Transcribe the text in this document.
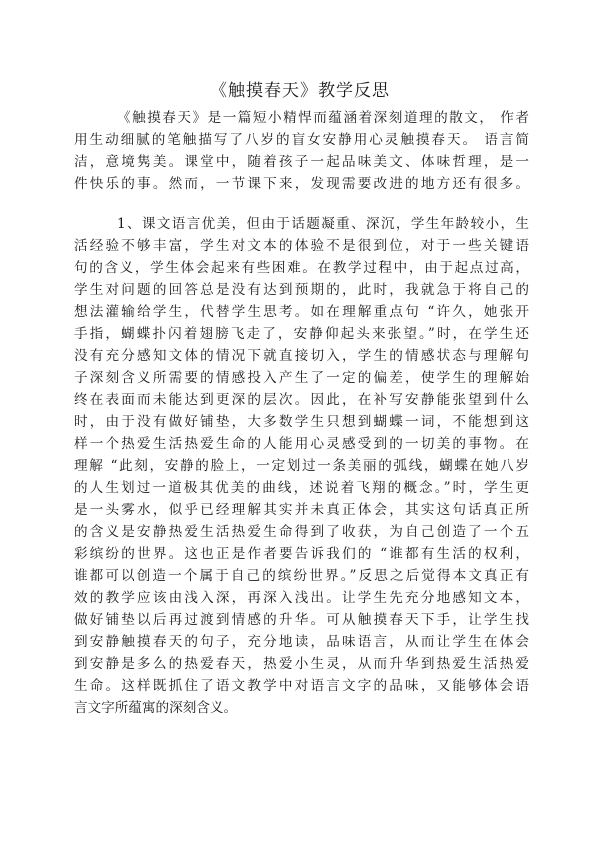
《触摸春天》教学反思

《触摸春天》是一篇短小精悍而蕴涵着深刻道理的散文， 作者

用生动细腻的笔触描写了八岁的盲女安静用心灵触摸春天。 语言简

洁，意境隽美。课堂中，随着孩子一起品味美文、体味哲理，是一

件快乐的事。然而，一节课下来，发现需要改进的地方还有很多。

1、课文语言优美，但由于话题凝重、深沉，学生年龄较小，生

活经验不够丰富，学生对文本的体验不是很到位，对于一些关键语

句的含义，学生体会起来有些困难。在教学过程中，由于起点过高，

学生对问题的回答总是没有达到预期的，此时，我就急于将自己的

想法灌输给学生，代替学生思考。如在理解重点句 “许久，她张开

手指，蝴蝶扑闪着翅膀飞走了，安静仰起头来张望。”时，在学生还

没有充分感知文体的情况下就直接切入，学生的情感状态与理解句

子深刻含义所需要的情感投入产生了一定的偏差，使学生的理解始

终在表面而未能达到更深的层次。因此，在补写安静能张望到什么

时，由于没有做好铺垫，大多数学生只想到蝴蝶一词，不能想到这

样一个热爱生活热爱生命的人能用心灵感受到的一切美的事物。在

理解 “此刻，安静的脸上，一定划过一条美丽的弧线，蝴蝶在她八岁

的人生划过一道极其优美的曲线，述说着飞翔的概念。”时，学生更

是一头雾水，似乎已经理解其实并未真正体会，其实这句话真正所

的含义是安静热爱生活热爱生命得到了收获，为自己创造了一个五

彩缤纷的世界。这也正是作者要告诉我们的 “谁都有生活的权利，

谁都可以创造一个属于自己的缤纷世界。”反思之后觉得本文真正有

效的教学应该由浅入深，再深入浅出。让学生先充分地感知文本，

做好铺垫以后再过渡到情感的升华。可从触摸春天下手，让学生找

到安静触摸春天的句子，充分地读，品味语言，从而让学生在体会

到安静是多么的热爱春天，热爱小生灵，从而升华到热爱生活热爱

生命。这样既抓住了语文教学中对语言文字的品味，又能够体会语

言文字所蕴寓的深刻含义。
